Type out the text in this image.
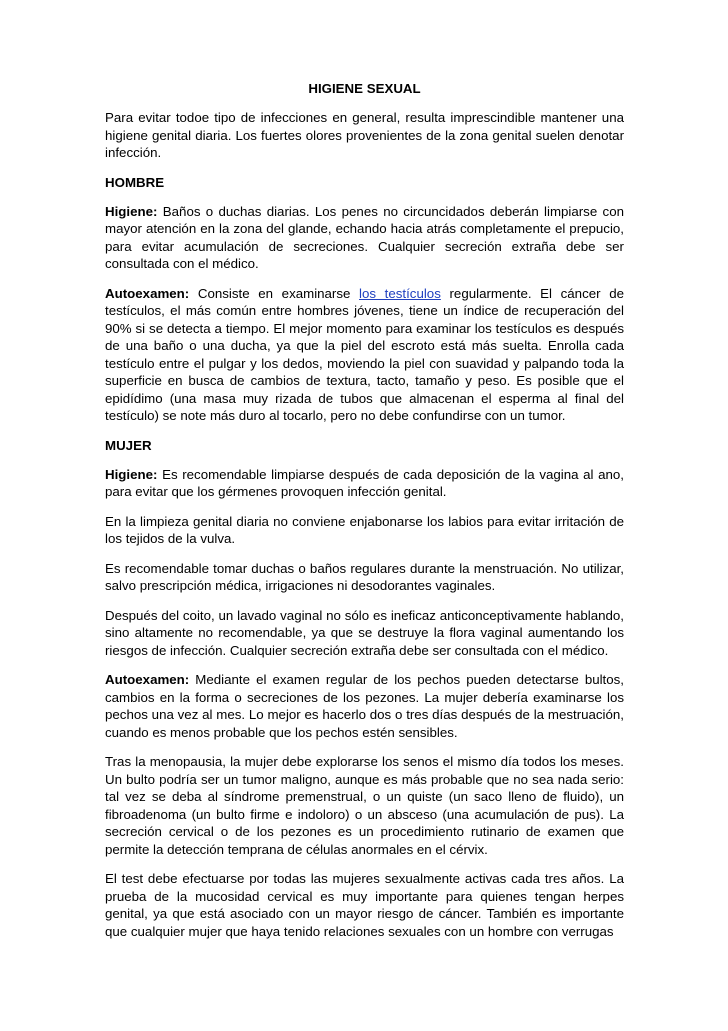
HIGIENE SEXUAL

Para evitar todoe tipo de infecciones en general, resulta imprescindible mantener una higiene genital diaria. Los fuertes olores provenientes de la zona genital suelen denotar infección.

HOMBRE

Higiene: Baños o duchas diarias. Los penes no circuncidados deberán limpiarse con mayor atención en la zona del glande, echando hacia atrás completamente el prepucio, para evitar acumulación de secreciones. Cualquier secreción extraña debe ser consultada con el médico.

Autoexamen: Consiste en examinarse los testículos regularmente. El cáncer de testículos, el más común entre hombres jóvenes, tiene un índice de recuperación del 90% si se detecta a tiempo. El mejor momento para examinar los testículos es después de una baño o una ducha, ya que la piel del escroto está más suelta. Enrolla cada testículo entre el pulgar y los dedos, moviendo la piel con suavidad y palpando toda la superficie en busca de cambios de textura, tacto, tamaño y peso. Es posible que el epidídimo (una masa muy rizada de tubos que almacenan el esperma al final del testículo) se note más duro al tocarlo, pero no debe confundirse con un tumor.

MUJER

Higiene: Es recomendable limpiarse después de cada deposición de la vagina al ano, para evitar que los gérmenes provoquen infección genital.

En la limpieza genital diaria no conviene enjabonarse los labios para evitar irritación de los tejidos de la vulva.

Es recomendable tomar duchas o baños regulares durante la menstruación. No utilizar, salvo prescripción médica, irrigaciones ni desodorantes vaginales.

Después del coito, un lavado vaginal no sólo es ineficaz anticonceptivamente hablando, sino altamente no recomendable, ya que se destruye la flora vaginal aumentando los riesgos de infección. Cualquier secreción extraña debe ser consultada con el médico.

Autoexamen: Mediante el examen regular de los pechos pueden detectarse bultos, cambios en la forma o secreciones de los pezones. La mujer debería examinarse los pechos una vez al mes. Lo mejor es hacerlo dos o tres días después de la mestruación, cuando es menos probable que los pechos estén sensibles.

Tras la menopausia, la mujer debe explorarse los senos el mismo día todos los meses. Un bulto podría ser un tumor maligno, aunque es más probable que no sea nada serio: tal vez se deba al síndrome premenstrual, o un quiste (un saco lleno de fluido), un fibroadenoma (un bulto firme e indoloro) o un absceso (una acumulación de pus). La secreción cervical o de los pezones es un procedimiento rutinario de examen que permite la detección temprana de células anormales en el cérvix.

El test debe efectuarse por todas las mujeres sexualmente activas cada tres años. La prueba de la mucosidad cervical es muy importante para quienes tengan herpes genital, ya que está asociado con un mayor riesgo de cáncer. También es importante que cualquier mujer que haya tenido relaciones sexuales con un hombre con verrugas
